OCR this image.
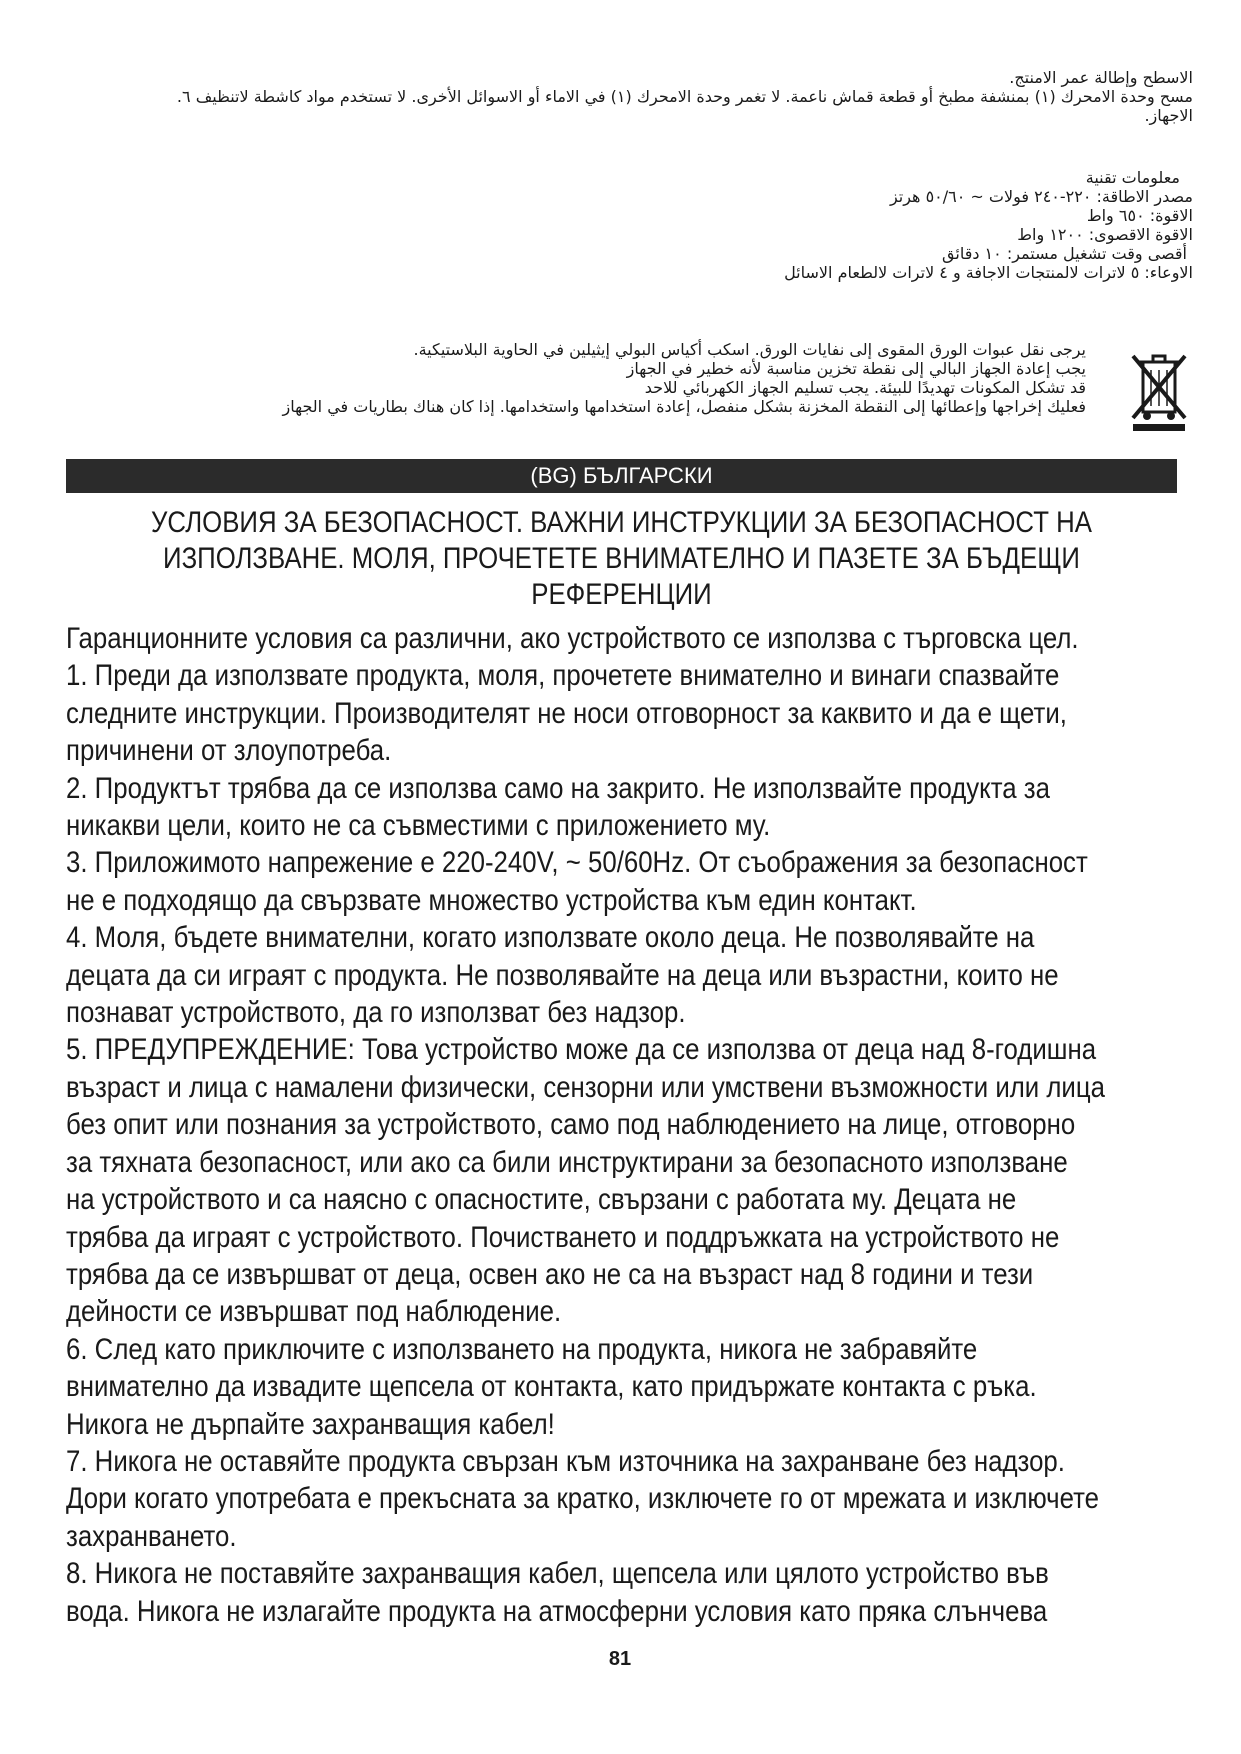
الاسطح وإطالة عمر الامنتج.
مسح وحدة الامحرك (١) بمنشفة مطبخ أو قطعة قماش ناعمة. لا تغمر وحدة الامحرك (١) في الاماء أو الاسوائل الأخرى. لا تستخدم مواد كاشطة لاتنظيف ٦.
الاجهاز.
معلومات تقنية
مصدر الاطاقة: ٢٢٠-٢٤٠ فولات ~ ٥٠/٦٠ هرتز
الاقوة: ٦٥٠ واط
الاقوة الاقصوى: ١٢٠٠ واط
أقصى وقت تشغيل مستمر: ١٠ دقائق
الاوعاء: ٥ لاترات لالمنتجات الاجافة و ٤ لاترات لالطعام الاسائل
يرجى نقل عبوات الورق المقوى إلى نفايات الورق. اسكب أكياس البولي إيثيلين في الحاوية البلاستيكية.
يجب إعادة الجهاز البالي إلى نقطة تخزين مناسبة لأنه خطير في الجهاز
قد تشكل المكونات تهديدًا للبيئة. يجب تسليم الجهاز الكهربائي للاحد
فعليك إخراجها وإعطائها إلى النقطة المخزنة بشكل منفصل، إعادة استخدامها واستخدامها. إذا كان هناك بطاريات في الجهاز
(BG) БЪЛГАРСКИ
УСЛОВИЯ ЗА БЕЗОПАСНОСТ. ВАЖНИ ИНСТРУКЦИИ ЗА БЕЗОПАСНОСТ НА
ИЗПОЛЗВАНЕ. МОЛЯ, ПРОЧЕТЕТЕ ВНИМАТЕЛНО И ПАЗЕТЕ ЗА БЪДЕЩИ
РЕФЕРЕНЦИИ

Гаранционните условия са различни, ако устройството се използва с търговска цел.

1. Преди да използвате продукта, моля, прочетете внимателно и винаги спазвайте
следните инструкции. Производителят не носи отговорност за каквито и да е щети,
причинени от злоупотреба.

2. Продуктът трябва да се използва само на закрито. Не използвайте продукта за
никакви цели, които не са съвместими с приложението му.

3. Приложимото напрежение е 220-240V, ~ 50/60Hz. От съображения за безопасност
не е подходящо да свързвате множество устройства към един контакт.

4. Моля, бъдете внимателни, когато използвате около деца. Не позволявайте на
децата да си играят с продукта. Не позволявайте на деца или възрастни, които не
познават устройството, да го използват без надзор.

5. ПРЕДУПРЕЖДЕНИЕ: Това устройство може да се използва от деца над 8-годишна
възраст и лица с намалени физически, сензорни или умствени възможности или лица
без опит или познания за устройството, само под наблюдението на лице, отговорно
за тяхната безопасност, или ако са били инструктирани за безопасното използване
на устройството и са наясно с опасностите, свързани с работата му. Децата не
трябва да играят с устройството. Почистването и поддръжката на устройството не
трябва да се извършват от деца, освен ако не са на възраст над 8 години и тези
дейности се извършват под наблюдение.

6. След като приключите с използването на продукта, никога не забравяйте
внимателно да извадите щепсела от контакта, като придържате контакта с ръка.
Никога не дърпайте захранващия кабел!

7. Никога не оставяйте продукта свързан към източника на захранване без надзор.
Дори когато употребата е прекъсната за кратко, изключете го от мрежата и изключете
захранването.

8. Никога не поставяйте захранващия кабел, щепсела или цялото устройство във
вода. Никога не излагайте продукта на атмосферни условия като пряка слънчева

81
